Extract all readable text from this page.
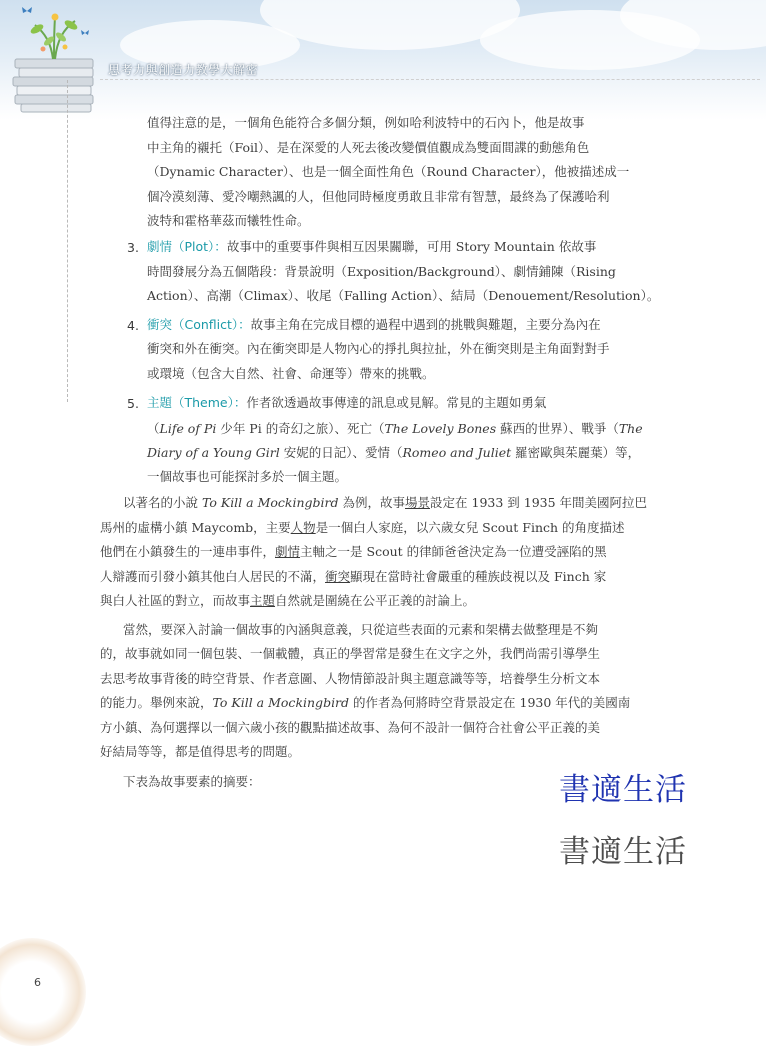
思考力與創造力教學大解密

值得注意的是，一個角色能符合多個分類，例如哈利波特中的石內卜，他是故事

中主角的襯托（Foil）、是在深愛的人死去後改變價值觀成為雙面間諜的動態角色

（Dynamic Character）、也是一個全面性角色（Round Character），他被描述成一

個冷漠刻薄、愛冷嘲熱諷的人，但他同時極度勇敢且非常有智慧，最終為了保護哈利

波特和霍格華茲而犧牲性命。

3. 劇情（Plot）：故事中的重要事件與相互因果關聯，可用 Story Mountain 依故事

時間發展分為五個階段：背景說明（Exposition/Background）、劇情鋪陳（Rising

Action）、高潮（Climax）、收尾（Falling Action）、結局（Denouement/Resolution）。

4. 衝突（Conflict）：故事主角在完成目標的過程中遇到的挑戰與難題，主要分為內在

衝突和外在衝突。內在衝突即是人物內心的掙扎與拉扯，外在衝突則是主角面對對手

或環境（包含大自然、社會、命運等）帶來的挑戰。

5. 主題（Theme）：作者欲透過故事傳達的訊息或見解。常見的主題如勇氣

（Life of Pi 少年 Pi 的奇幻之旅）、死亡（The Lovely Bones 蘇西的世界）、戰爭（The

Diary of a Young Girl 安妮的日記）、愛情（Romeo and Juliet 羅密歐與茱麗葉）等，

一個故事也可能探討多於一個主題。

以著名的小說 To Kill a Mockingbird 為例，故事場景設定在 1933 到 1935 年間美國阿拉巴

馬州的虛構小鎮 Maycomb，主要人物是一個白人家庭，以六歲女兒 Scout Finch 的角度描述

他們在小鎮發生的一連串事件，劇情主軸之一是 Scout 的律師爸爸決定為一位遭受誣陷的黑

人辯護而引發小鎮其他白人居民的不滿，衝突顯現在當時社會嚴重的種族歧視以及 Finch 家

與白人社區的對立，而故事主題自然就是圍繞在公平正義的討論上。

當然，要深入討論一個故事的內涵與意義，只從這些表面的元素和架構去做整理是不夠

的，故事就如同一個包裝、一個載體，真正的學習常是發生在文字之外，我們尚需引導學生

去思考故事背後的時空背景、作者意圖、人物情節設計與主題意識等等，培養學生分析文本

的能力。舉例來說，To Kill a Mockingbird 的作者為何將時空背景設定在 1930 年代的美國南

方小鎮、為何選擇以一個六歲小孩的觀點描述故事、為何不設計一個符合社會公平正義的美

好結局等等，都是值得思考的問題。

下表為故事要素的摘要：	書適生活
書適生活
6
